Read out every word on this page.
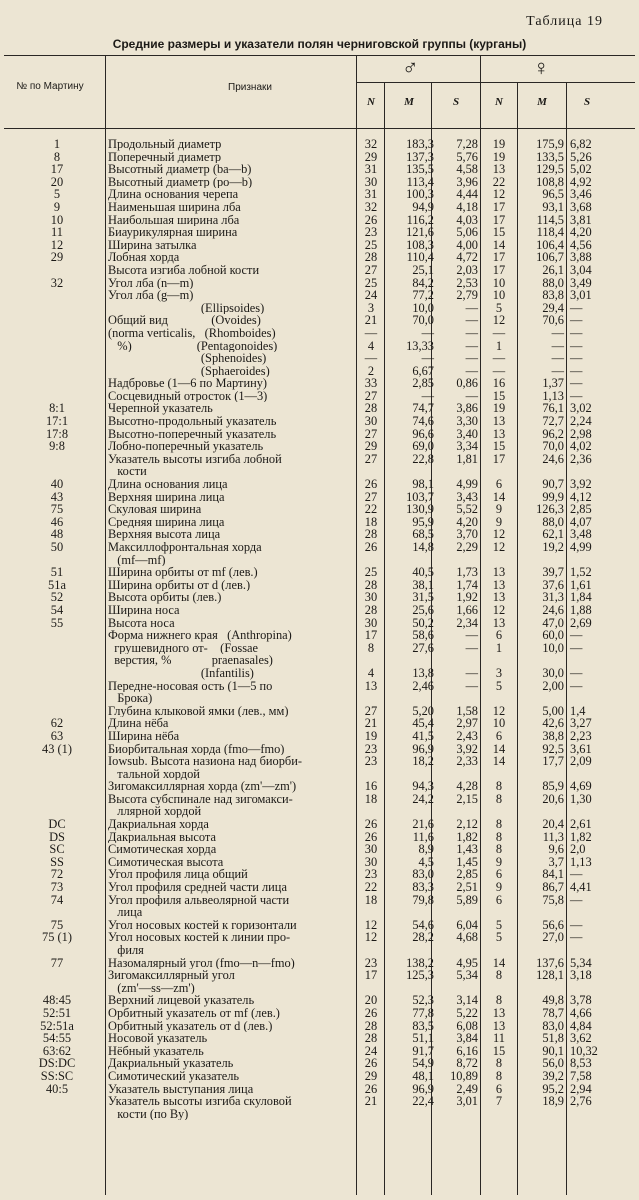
Таблица 19
Средние размеры и указатели полян черниговской группы (курганы)
№ по Мартину	Признаки
♂	♀
N	M	S	N	M	S
1	Продольный диаметр	32	183,3	7,28	19	175,9 6,82
8	Поперечный диаметр	29	137,3	5,76	19	133,5 5,26
17	Высотный диаметр (ba—b)	31	135,5	4,58	13	129,5 5,02
20	Высотный диаметр (po—b)	30	113,4	3,96	22	108,8 4,92
5	Длина основания черепа	31	100,3	4,44	12	96,5 3,46
9	Наименьшая ширина лба	32	94,9	4,18	17	93,1 3,68
10	Наибольшая ширина лба	26	116,2	4,03	17	114,5 3,81
11	Биаурикулярная ширина	23	121,6	5,06	15	118,4 4,20
12	Ширина затылка	25	108,3	4,00	14	106,4 4,56
29	Лобная хорда	28	110,4	4,72	17	106,7 3,88
Высота изгиба лобной кости	27	25,1	2,03	17	26,1 3,04
32	Угол лба (n—m)	25	84,2	2,53	10	88,0 3,49
Угол лба (g—m)	24	77,2	2,79	10	83,8 3,01
(Ellipsoides)	3	10,0	—	5	29,4 —
Общий вид              (Ovoides)	21	70,0	—	12	70,6 —
(norma verticalis,   (Rhomboides)	—	—	—	—	— —
%)                     (Pentagonoides)	4	13,33	—	1	— —
(Sphenoides)	—	—	—	—	— —
(Sphaeroides)	2	6,67	—	—	— —
Надбровье (1—6 по Мартину)	33	2,85	0,86	16	1,37 —
Сосцевидный отросток (1—3)	27	—	—	15	1,13 —
8:1	Черепной указатель	28	74,7	3,86	19	76,1 3,02
17:1	Высотно-продольный указатель	30	74,6	3,30	13	72,7 2,24
17:8	Высотно-поперечный указатель	27	96,6	3,40	13	96,2 2,98
9:8	Лобно-поперечный указатель	29	69,0	3,34	15	70,0 4,02
Указатель высоты изгиба лобной	27	22,8	1,81	17	24,6 2,36
кости
40	Длина основания лица	26	98,1	4,99	6	90,7 3,92
43	Верхняя ширина лица	27	103,7	3,43	14	99,9 4,12
75	Скуловая ширина	22	130,9	5,52	9	126,3 2,85
46	Средняя ширина лица	18	95,9	4,20	9	88,0 4,07
48	Верхняя высота лица	28	68,5	3,70	12	62,1 3,48
50	Максиллофронтальная хорда	26	14,8	2,29	12	19,2 4,99
(mf—mf)
51	Ширина орбиты от mf (лев.)	25	40,5	1,73	13	39,7 1,52
51a	Ширина орбиты от d (лев.)	28	38,1	1,74	13	37,6 1,61
52	Высота орбиты (лев.)	30	31,5	1,92	13	31,3 1,84
54	Ширина носа	28	25,6	1,66	12	24,6 1,88
55	Высота носа	30	50,2	2,34	13	47,0 2,69
Форма нижнего края   (Anthropina)	17	58,6	—	6	60,0 —
грушевидного от-    (Fossae	8	27,6	—	1	10,0 —
верстия, %             praenasales)
(Infantilis)	4	13,8	—	3	30,0 —
Передне-носовая ость (1—5 по	13	2,46	—	5	2,00 —
Брока)
Глубина клыковой ямки (лев., мм)	27	5,20	1,58	12	5,00 1,4
62	Длина нёба	21	45,4	2,97	10	42,6 3,27
63	Ширина нёба	19	41,5	2,43	6	38,8 2,23
43 (1)	Биорбитальная хорда (fmo—fmo)	23	96,9	3,92	14	92,5 3,61
Iowsub. Высота назиона над биорби-	23	18,2	2,33	14	17,7 2,09
тальной хордой
Зигомаксиллярная хорда (zm'—zm')	16	94,3	4,28	8	85,9 4,69
Высота субспинале над зигомакси-	18	24,2	2,15	8	20,6 1,30
ллярной хордой
DC	Дакриальная хорда	26	21,6	2,12	8	20,4 2,61
DS	Дакриальная высота	26	11,6	1,82	8	11,3 1,82
SC	Симотическая хорда	30	8,9	1,43	8	9,6 2,0
SS	Симотическая высота	30	4,5	1,45	9	3,7 1,13
72	Угол профиля лица общий	23	83,0	2,85	6	84,1 —
73	Угол профиля средней части лица	22	83,3	2,51	9	86,7 4,41
74	Угол профиля альвеолярной части	18	79,8	5,89	6	75,8 —
лица
75	Угол носовых костей к горизонтали	12	54,6	6,04	5	56,6 —
75 (1)	Угол носовых костей к линии про-	12	28,2	4,68	5	27,0 —
филя
77	Назомалярный угол (fmo—n—fmo)	23	138,2	4,95	14	137,6 5,34
Зигомаксиллярный угол	17	125,3	5,34	8	128,1 3,18
(zm'—ss—zm')
48:45	Верхний лицевой указатель	20	52,3	3,14	8	49,8 3,78
52:51	Орбитный указатель от mf (лев.)	26	77,8	5,22	13	78,7 4,66
52:51a	Орбитный указатель от d (лев.)	28	83,5	6,08	13	83,0 4,84
54:55	Носовой указатель	28	51,1	3,84	11	51,8 3,62
63:62	Нёбный указатель	24	91,7	6,16	15	90,1 10,32
DS:DC	Дакриальный указатель	26	54,9	8,72	8	56,0 8,53
SS:SC	Симотический указатель	29	48,1	10,89	8	39,2 7,58
40:5	Указатель выступания лица	26	96,9	2,49	6	95,2 2,94
Указатель высоты изгиба скуловой	21	22,4	3,01	7	18,9 2,76
кости (по Ву)
